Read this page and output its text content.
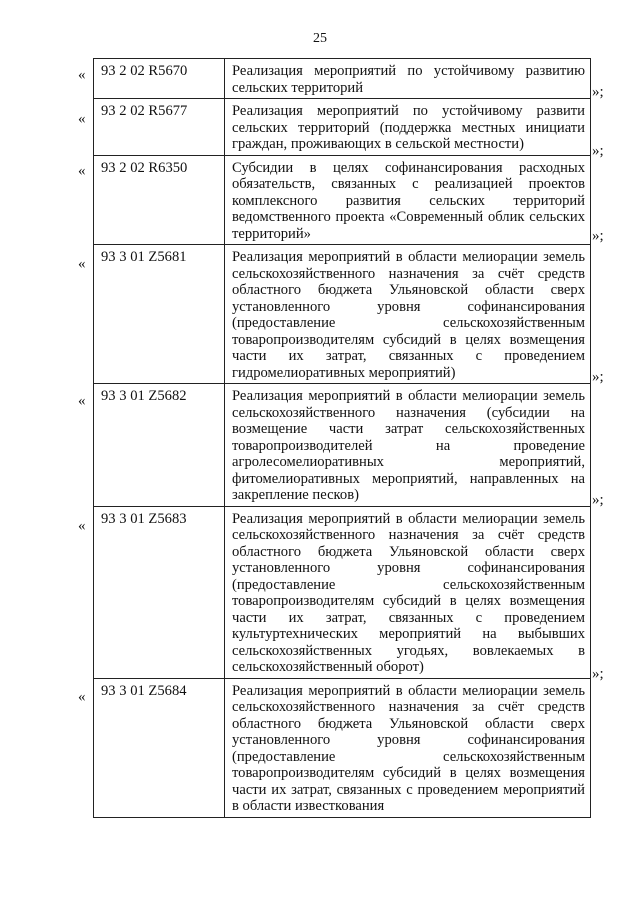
25
93 2 02 R5670	Реализация мероприятий по устойчивому развитию сельских территорий
93 2 02 R5677	Реализация мероприятий по устойчивому развити сельских территорий (поддержка местных инициати граждан, проживающих в сельской местности)
93 2 02 R6350	Субсидии в целях софинансирования расходных обязательств, связанных с реализацией проектов комплексного развития сельских территорий ведомственного проекта «Современный облик сельских территорий»
93 3 01 Z5681	Реализация мероприятий в области мелиорации земель сельскохозяйственного назначения за счёт средств областного бюджета Ульяновской области сверх установленного уровня софинансирования (предоставление сельскохозяйственным товаропроизводителям субсидий в целях возмещения части их затрат, связанных с проведением гидромелиоративных мероприятий)
93 3 01 Z5682	Реализация мероприятий в области мелиорации земель сельскохозяйственного назначения (субсидии на возмещение части затрат сельскохозяйственных товаропроизводителей на проведение агролесомелиоративных мероприятий, фитомелиоративных мероприятий, направленных на закрепление песков)
93 3 01 Z5683	Реализация мероприятий в области мелиорации земель сельскохозяйственного назначения за счёт средств областного бюджета Ульяновской области сверх установленного уровня софинансирования (предоставление сельскохозяйственным товаропроизводителям субсидий в целях возмещения части их затрат, связанных с проведением культуртехнических мероприятий на выбывших сельскохозяйственных угодьях, вовлекаемых в сельскохозяйственный оборот)
93 3 01 Z5684	Реализация мероприятий в области мелиорации земель сельскохозяйственного назначения за счёт средств областного бюджета Ульяновской области сверх установленного уровня софинансирования (предоставление сельскохозяйственным товаропроизводителям субсидий в целях возмещения части их затрат, связанных с проведением мероприятий в области известкования
«
«
«
«
«
«
«
»;
»;
»;
»;
»;
»;
